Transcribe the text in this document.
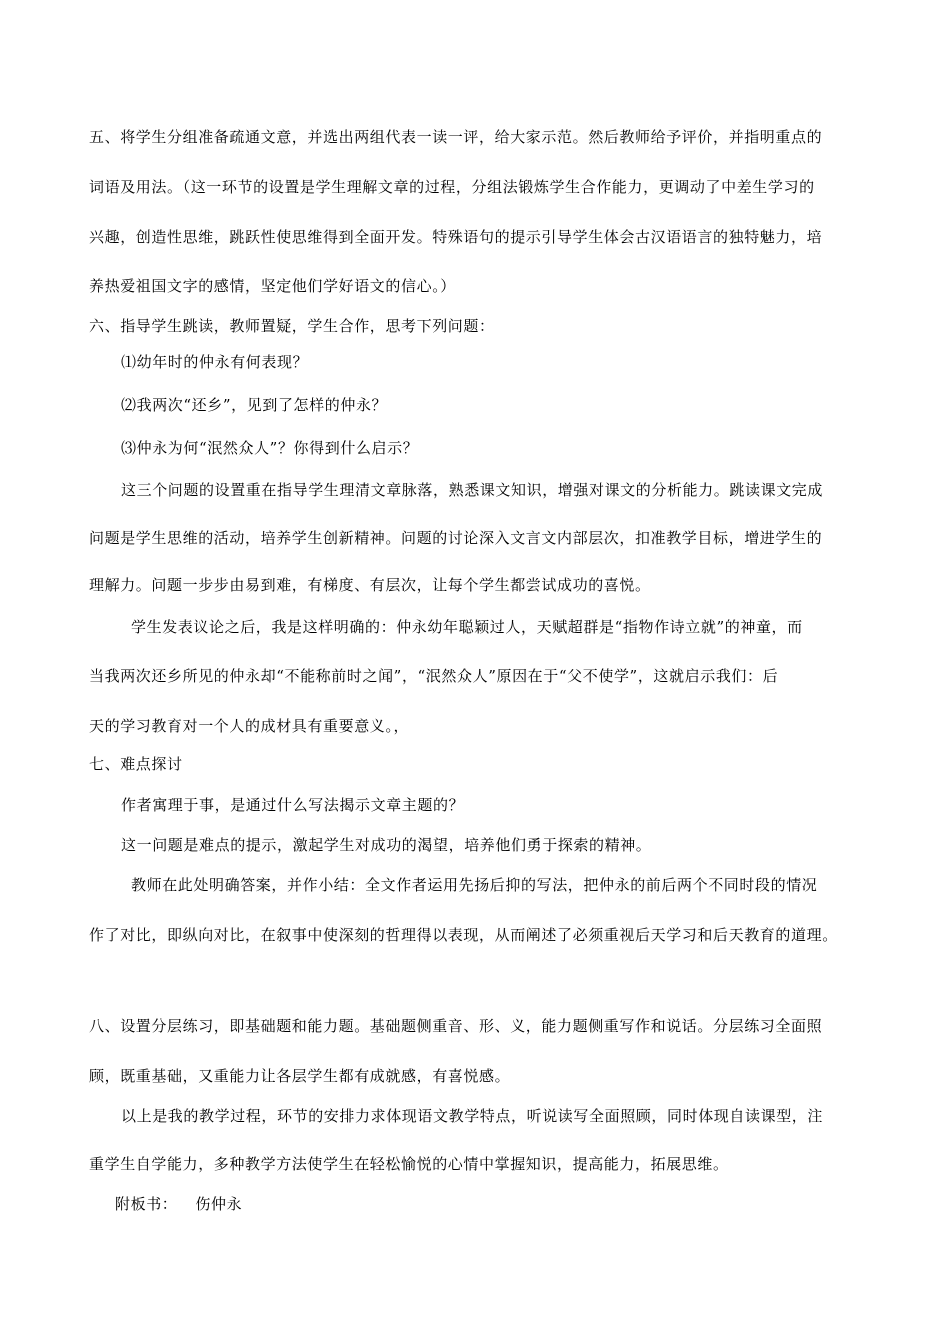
五、将学生分组准备疏通文意，并选出两组代表一读一评，给大家示范。然后教师给予评价，并指明重点的
词语及用法。（这一环节的设置是学生理解文章的过程，分组法锻炼学生合作能力，更调动了中差生学习的
兴趣，创造性思维，跳跃性使思维得到全面开发。特殊语句的提示引导学生体会古汉语语言的独特魅力，培
养热爱祖国文字的感情，坚定他们学好语文的信心。）
六、指导学生跳读，教师置疑，学生合作，思考下列问题：
⑴幼年时的仲永有何表现？
⑵我两次“还乡”，见到了怎样的仲永？
⑶仲永为何“泯然众人”？你得到什么启示？
这三个问题的设置重在指导学生理清文章脉落，熟悉课文知识，增强对课文的分析能力。跳读课文完成
问题是学生思维的活动，培养学生创新精神。问题的讨论深入文言文内部层次，扣准教学目标，增进学生的
理解力。问题一步步由易到难，有梯度、有层次，让每个学生都尝试成功的喜悦。
学生发表议论之后，我是这样明确的：仲永幼年聪颖过人，天赋超群是“指物作诗立就”的神童，而
当我两次还乡所见的仲永却“不能称前时之闻”，“泯然众人”原因在于“父不使学”，这就启示我们：后
天的学习教育对一个人的成材具有重要意义。，
七、难点探讨
作者寓理于事，是通过什么写法揭示文章主题的？
这一问题是难点的提示，激起学生对成功的渴望，培养他们勇于探索的精神。
教师在此处明确答案，并作小结：全文作者运用先扬后抑的写法，把仲永的前后两个不同时段的情况
作了对比，即纵向对比，在叙事中使深刻的哲理得以表现，从而阐述了必须重视后天学习和后天教育的道理。
八、设置分层练习，即基础题和能力题。基础题侧重音、形、义，能力题侧重写作和说话。分层练习全面照
顾，既重基础，又重能力让各层学生都有成就感，有喜悦感。
以上是我的教学过程，环节的安排力求体现语文教学特点，听说读写全面照顾，同时体现自读课型，注
重学生自学能力，多种教学方法使学生在轻松愉悦的心情中掌握知识，提高能力，拓展思维。
附板书： 伤仲永
